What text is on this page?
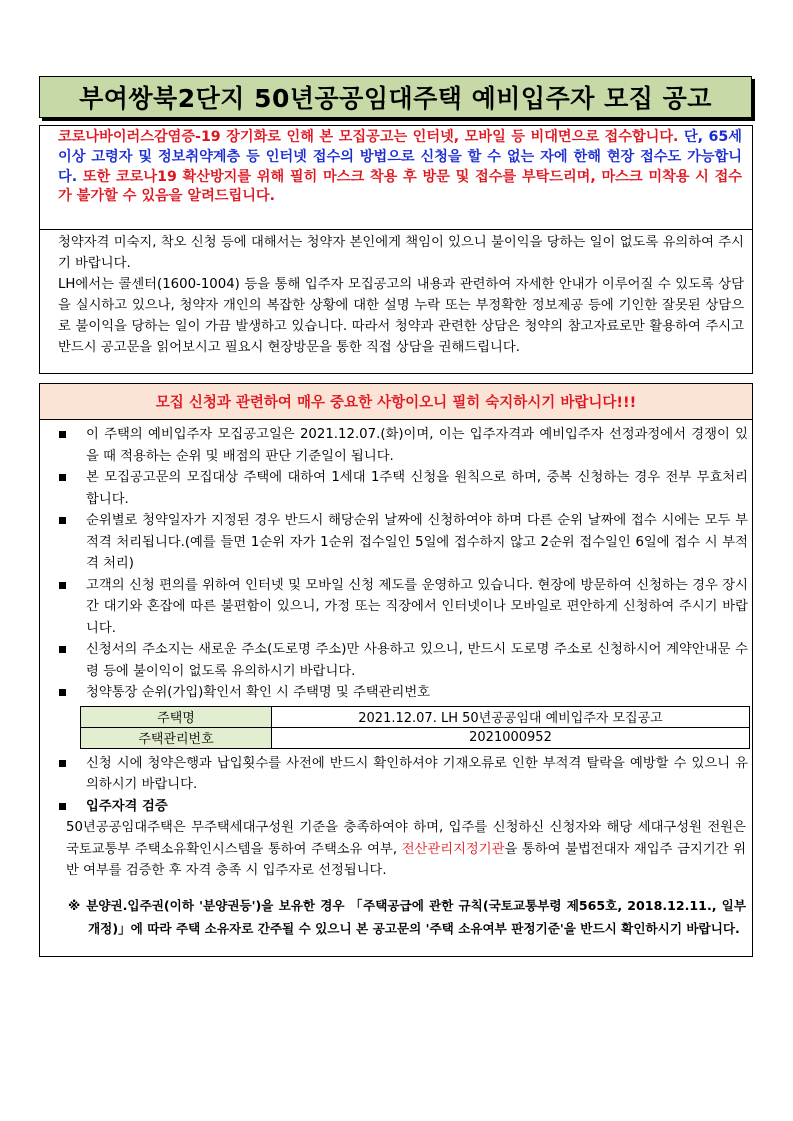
부여쌍북2단지 50년공공임대주택 예비입주자 모집 공고
코로나바이러스감염증-19 장기화로 인해 본 모집공고는 인터넷, 모바일 등 비대면으로 접수합니다. 단, 65세 이상 고령자 및 정보취약계층 등 인터넷 접수의 방법으로 신청을 할 수 없는 자에 한해 현장 접수도 가능합니다. 또한 코로나19 확산방지를 위해 필히 마스크 착용 후 방문 및 접수를 부탁드리며, 마스크 미착용 시 접수가 불가할 수 있음을 알려드립니다.

청약자격 미숙지, 착오 신청 등에 대해서는 청약자 본인에게 책임이 있으니 불이익을 당하는 일이 없도록 유의하여 주시기 바랍니다.

LH에서는 콜센터(1600-1004) 등을 통해 입주자 모집공고의 내용과 관련하여 자세한 안내가 이루어질 수 있도록 상담을 실시하고 있으나, 청약자 개인의 복잡한 상황에 대한 설명 누락 또는 부정확한 정보제공 등에 기인한 잘못된 상담으로 불이익을 당하는 일이 가끔 발생하고 있습니다. 따라서 청약과 관련한 상담은 청약의 참고자료로만 활용하여 주시고 반드시 공고문을 읽어보시고 필요시 현장방문을 통한 직접 상담을 권해드립니다.

모집 신청과 관련하여 매우 중요한 사항이오니 필히 숙지하시기 바랍니다!!!
이 주택의 예비입주자 모집공고일은 2021.12.07.(화)이며, 이는 입주자격과 예비입주자 선정과정에서 경쟁이 있을 때 적용하는 순위 및 배점의 판단 기준일이 됩니다.
본 모집공고문의 모집대상 주택에 대하여 1세대 1주택 신청을 원칙으로 하며, 중복 신청하는 경우 전부 무효처리 합니다.
순위별로 청약일자가 지정된 경우 반드시 해당순위 날짜에 신청하여야 하며 다른 순위 날짜에 접수 시에는 모두 부적격 처리됩니다.(예를 들면 1순위 자가 1순위 접수일인 5일에 접수하지 않고 2순위 접수일인 6일에 접수 시 부적격 처리)
고객의 신청 편의를 위하여 인터넷 및 모바일 신청 제도를 운영하고 있습니다. 현장에 방문하여 신청하는 경우 장시간 대기와 혼잡에 따른 불편함이 있으니, 가정 또는 직장에서 인터넷이나 모바일로 편안하게 신청하여 주시기 바랍니다.
신청서의 주소지는 새로운 주소(도로명 주소)만 사용하고 있으니, 반드시 도로명 주소로 신청하시어 계약안내문 수령 등에 불이익이 없도록 유의하시기 바랍니다.
청약통장 순위(가입)확인서 확인 시 주택명 및 주택관리번호
주택명	2021.12.07. LH 50년공공임대 예비입주자 모집공고
주택관리번호	2021000952
신청 시에 청약은행과 납입횟수를 사전에 반드시 확인하셔야 기재오류로 인한 부적격 탈락을 예방할 수 있으니 유의하시기 바랍니다.
입주자격 검증

50년공공임대주택은 무주택세대구성원 기준을 충족하여야 하며, 입주를 신청하신 신청자와 해당 세대구성원 전원은 국토교통부 주택소유확인시스템을 통하여 주택소유 여부, 전산관리지정기관을 통하여 불법전대자 재입주 금지기간 위반 여부를 검증한 후 자격 충족 시 입주자로 선정됩니다.

※ 분양권.입주권(이하 '분양권등')을 보유한 경우 「주택공급에 관한 규칙(국토교통부령 제565호, 2018.12.11., 일부개정)」에 따라 주택 소유자로 간주될 수 있으니 본 공고문의 '주택 소유여부 판정기준'을 반드시 확인하시기 바랍니다.
